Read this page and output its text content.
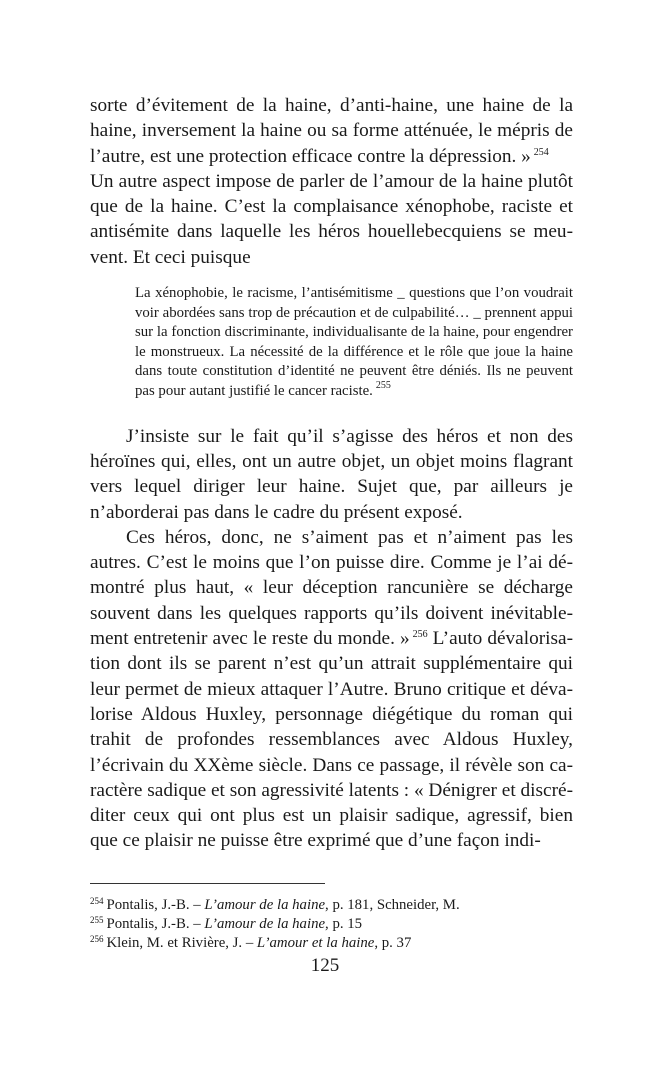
sorte d’évitement de la haine, d’anti-haine, une haine de la haine, inversement la haine ou sa forme atténuée, le mépris de l’autre, est une protection efficace contre la dépression. » $^{254}$

Un autre aspect impose de parler de l’amour de la haine plutôt que de la haine. C’est la complaisance xénophobe, raciste et antisémite dans laquelle les héros houellebecquiens se meuvent. Et ceci puisque

La xénophobie, le racisme, l’antisémitisme _ questions que l’on voudrait voir abordées sans trop de précaution et de culpabilité… _ prennent appui sur la fonction discriminante, individualisante de la haine, pour engendrer le monstrueux. La nécessité de la différence et le rôle que joue la haine dans toute constitution d’identité ne peuvent être déniés. Ils ne peuvent pas pour autant justifié le cancer raciste. $^{255}$

J’insiste sur le fait qu’il s’agisse des héros et non des héroïnes qui, elles, ont un autre objet, un objet moins flagrant vers lequel diriger leur haine. Sujet que, par ailleurs je n’aborderai pas dans le cadre du présent exposé.

Ces héros, donc, ne s’aiment pas et n’aiment pas les autres. C’est le moins que l’on puisse dire. Comme je l’ai démontré plus haut, « leur déception rancunière se décharge souvent dans les quelques rapports qu’ils doivent inévitablement entretenir avec le reste du monde. » $^{256}$ L’auto dévalorisation dont ils se parent n’est qu’un attrait supplémentaire qui leur permet de mieux attaquer l’Autre. Bruno critique et dévalorise Aldous Huxley, personnage diégétique du roman qui trahit de profondes ressemblances avec Aldous Huxley, l’écrivain du XXème siècle. Dans ce passage, il révèle son caractère sadique et son agressivité latents : « Dénigrer et discréditer ceux qui ont plus est un plaisir sadique, agressif, bien que ce plaisir ne puisse être exprimé que d’une façon indi-

$^{254}$ Pontalis, J.-B. – L’amour de la haine, p. 181, Schneider, M.
$^{255}$ Pontalis, J.-B. – L’amour de la haine, p. 15
$^{256}$ Klein, M. et Rivière, J. – L’amour et la haine, p. 37
125
